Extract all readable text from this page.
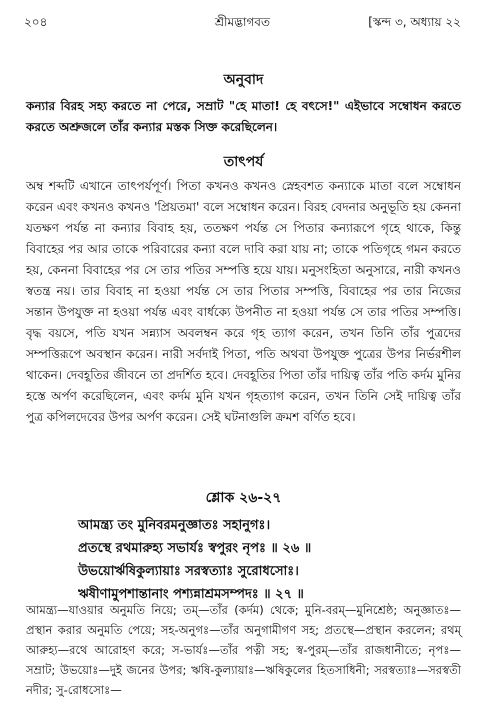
২০৪	শ্রীমদ্ভাগবত	[স্কন্দ ৩, অধ্যায় ২২
অনুবাদ
কন্যার বিরহ সহ্য করতে না পেরে, সম্রাট "হে মাতা! হে বৎসে!" এইভাবে সম্বোধন করতে করতে অশ্রুজলে তাঁর কন্যার মস্তক সিক্ত করেছিলেন।
তাৎপর্য
অম্ব শব্দটি এখানে তাৎপর্যপূর্ণ। পিতা কখনও কখনও স্নেহবশত কন্যাকে মাতা বলে সম্বোধন করেন এবং কখনও কখনও 'প্রিয়তমা' বলে সম্বোধন করেন। বিরহ বেদনার অনুভূতি হয় কেননা যতক্ষণ পর্যন্ত না কন্যার বিবাহ হয়, ততক্ষণ পর্যন্ত সে পিতার কন্যারূপে গৃহে থাকে, কিন্তু বিবাহের পর আর তাকে পরিবারের কন্যা বলে দাবি করা যায় না; তাকে পতিগৃহে গমন করতে হয়, কেননা বিবাহের পর সে তার পতির সম্পত্তি হয়ে যায়। মনুসংহিতা অনুসারে, নারী কখনও স্বতন্ত্র নয়। তার বিবাহ না হওয়া পর্যন্ত সে তার পিতার সম্পত্তি, বিবাহের পর তার নিজের সন্তান উপযুক্ত না হওয়া পর্যন্ত এবং বার্ধক্যে উপনীত না হওয়া পর্যন্ত সে তার পতির সম্পত্তি। বৃদ্ধ বয়সে, পতি যখন সন্ন্যাস অবলম্বন করে গৃহ ত্যাগ করেন, তখন তিনি তাঁর পুত্রদের সম্পত্তিরূপে অবস্থান করেন। নারী সর্বদাই পিতা, পতি অথবা উপযুক্ত পুত্রের উপর নির্ভরশীল থাকেন। দেবহূতির জীবনে তা প্রদর্শিত হবে। দেবহূতির পিতা তাঁর দায়িত্ব তাঁর পতি কর্দম মুনির হস্তে অর্পণ করেছিলেন, এবং কর্দম মুনি যখন গৃহত্যাগ করেন, তখন তিনি সেই দায়িত্ব তাঁর পুত্র কপিলদেবের উপর অর্পণ করেন। সেই ঘটনাগুলি ক্রমশ বর্ণিত হবে।
শ্লোক ২৬-২৭
আমন্ত্র্য তং মুনিবরমনুজ্ঞাতঃ সহানুগঃ।
প্রতস্থে রথমারুহ্য সভার্যঃ স্বপুরং নৃপঃ ॥ ২৬ ॥
উভয়োর্ঋষিকুল্যায়াঃ সরস্বত্যাঃ সুরোধসোঃ।
ঋষীণামুপশান্তানাং পশ্যন্নাশ্রমসম্পদঃ ॥ ২৭ ॥
আমন্ত্র্য—যাওয়ার অনুমতি নিয়ে; তম্—তাঁর (কর্দম) থেকে; মুনি-বরম্—মুনিশ্রেষ্ঠ; অনুজ্ঞাতঃ—প্রস্থান করার অনুমতি পেয়ে; সহ-অনুগঃ—তাঁর অনুগামীগণ সহ; প্রতস্থে—প্রস্থান করলেন; রথম্ আরুহ্য—রথে আরোহণ করে; স-ভার্যঃ—তাঁর পত্নী সহ; স্ব-পুরম্—তাঁর রাজধানীতে; নৃপঃ—সম্রাট; উভয়োঃ—দুই জনের উপর; ঋষি-কুল্যায়াঃ—ঋষিকুলের হিতসাধিনী; সরস্বত্যাঃ—সরস্বতী নদীর; সু-রোধসোঃ—
